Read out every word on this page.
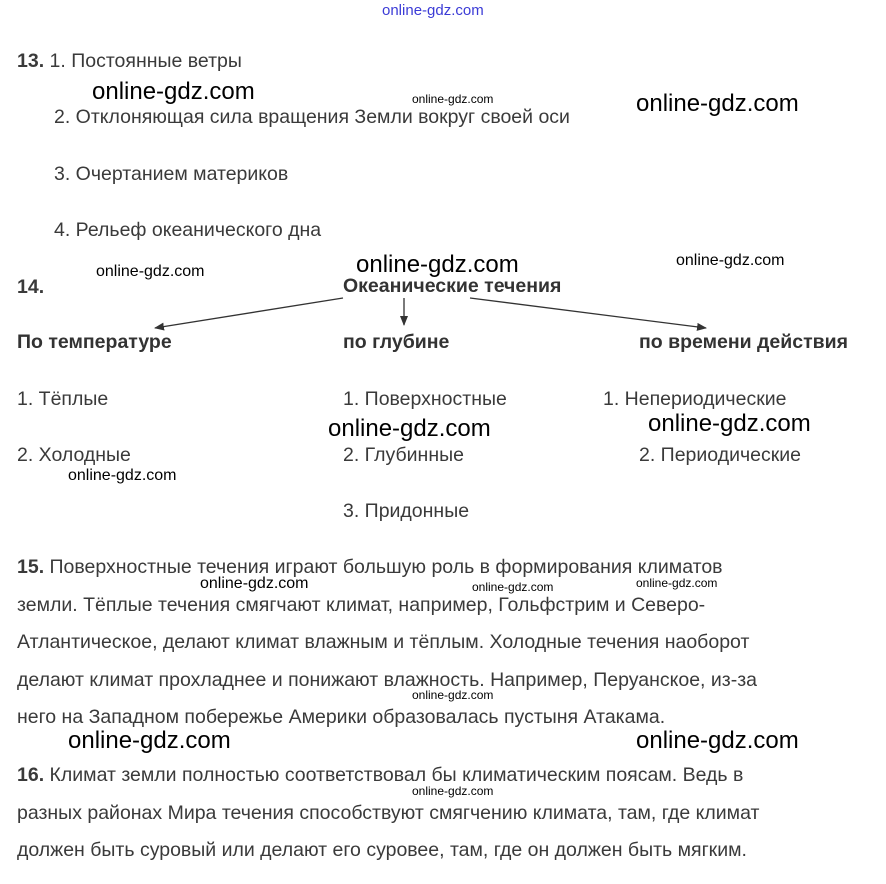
online-gdz.com
13. 1. Постоянные ветры
2. Отклоняющая сила вращения Земли вокруг своей оси
3. Очертанием материков
4. Рельеф океанического дна
14.	Океанические течения
По температуре	по глубине	по времени действия
1. Тёплые
2. Холодные
1. Поверхностные
2. Глубинные
3. Придонные
1. Непериодические
2. Периодические
15. Поверхностные течения играют большую роль в формирования климатов
земли. Тёплые течения смягчают климат, например, Гольфстрим и Северо-
Атлантическое, делают климат влажным и тёплым. Холодные течения наоборот
делают климат прохладнее и понижают влажность. Например, Перуанское, из-за
него на Западном побережье Америки образовалась пустыня Атакама.
16. Климат земли полностью соответствовал бы климатическим поясам. Ведь в
разных районах Мира течения способствуют смягчению климата, там, где климат
должен быть суровый или делают его суровее, там, где он должен быть мягким.
online-gdz.com	online-gdz.com	online-gdz.com
online-gdz.com
online-gdz.com
online-gdz.com
online-gdz.com	online-gdz.com
online-gdz.com
online-gdz.com	online-gdz.com	online-gdz.com
online-gdz.com
online-gdz.com	online-gdz.com
online-gdz.com
